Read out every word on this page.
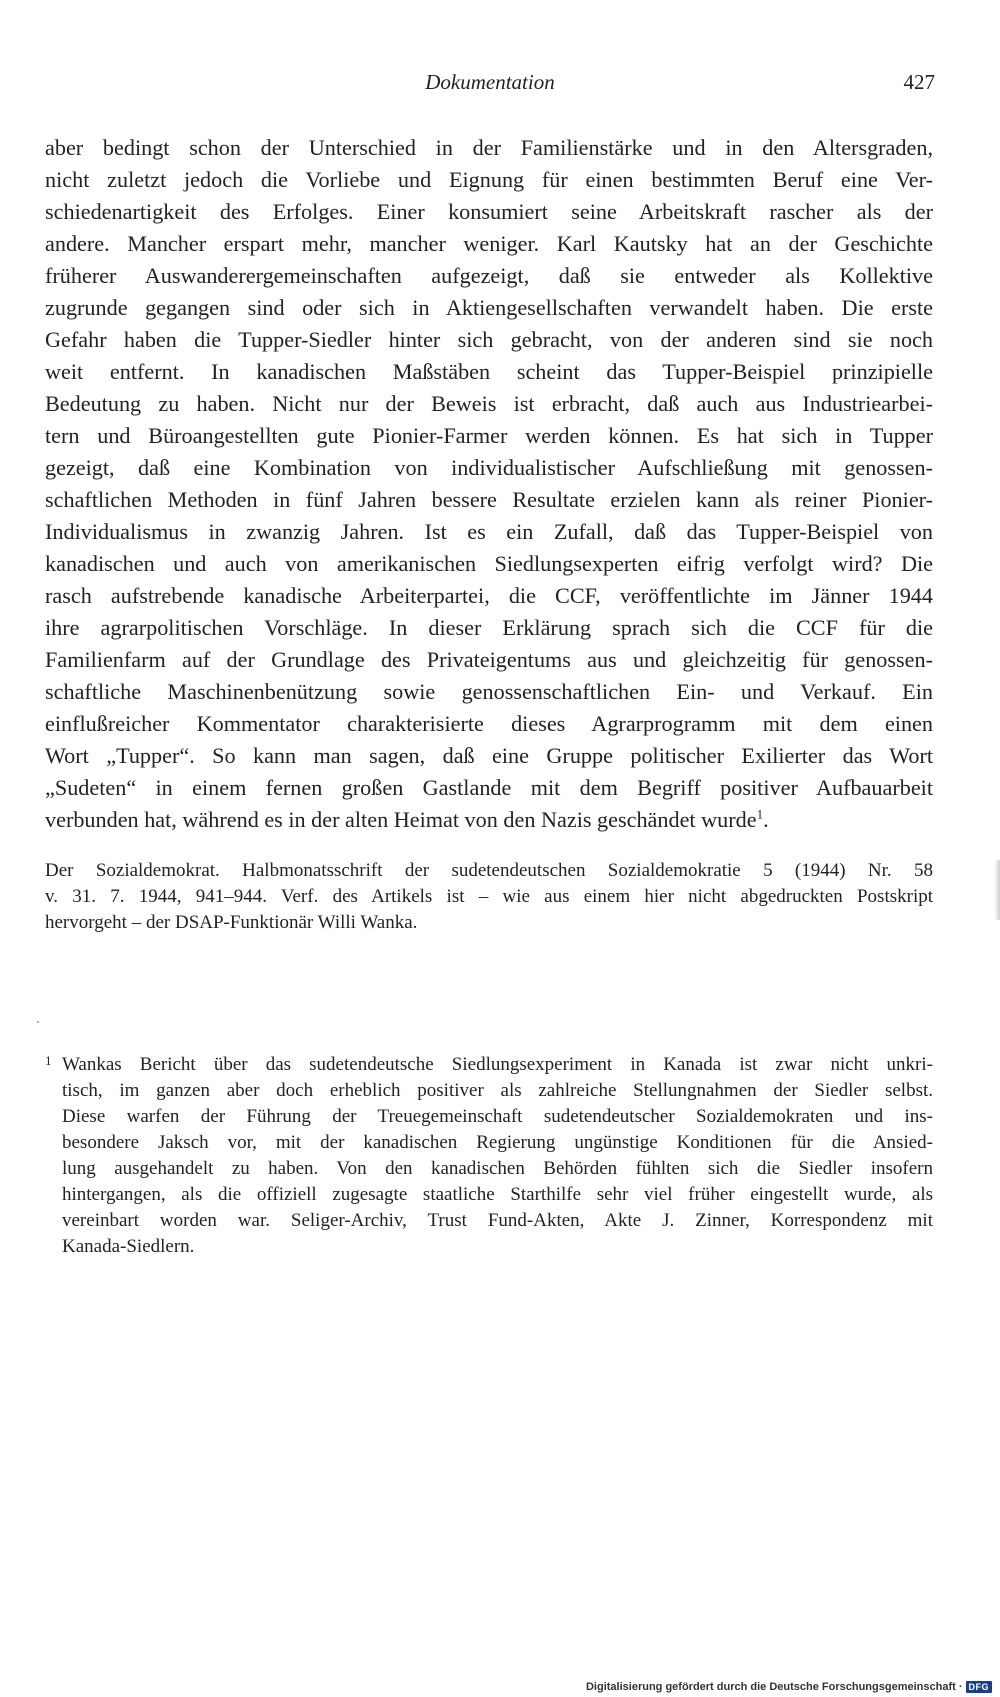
Dokumentation	427
aber bedingt schon der Unterschied in der Familienstärke und in den Altersgraden,
nicht zuletzt jedoch die Vorliebe und Eignung für einen bestimmten Beruf eine Ver-
schiedenartigkeit des Erfolges. Einer konsumiert seine Arbeitskraft rascher als der
andere. Mancher erspart mehr, mancher weniger. Karl Kautsky hat an der Geschichte
früherer Auswanderergemeinschaften aufgezeigt, daß sie entweder als Kollektive
zugrunde gegangen sind oder sich in Aktiengesellschaften verwandelt haben. Die erste
Gefahr haben die Tupper-Siedler hinter sich gebracht, von der anderen sind sie noch
weit entfernt. In kanadischen Maßstäben scheint das Tupper-Beispiel prinzipielle
Bedeutung zu haben. Nicht nur der Beweis ist erbracht, daß auch aus Industriearbei-
tern und Büroangestellten gute Pionier-Farmer werden können. Es hat sich in Tupper
gezeigt, daß eine Kombination von individualistischer Aufschließung mit genossen-
schaftlichen Methoden in fünf Jahren bessere Resultate erzielen kann als reiner Pionier-
Individualismus in zwanzig Jahren. Ist es ein Zufall, daß das Tupper-Beispiel von
kanadischen und auch von amerikanischen Siedlungsexperten eifrig verfolgt wird? Die
rasch aufstrebende kanadische Arbeiterpartei, die CCF, veröffentlichte im Jänner 1944
ihre agrarpolitischen Vorschläge. In dieser Erklärung sprach sich die CCF für die
Familienfarm auf der Grundlage des Privateigentums aus und gleichzeitig für genossen-
schaftliche Maschinenbenützung sowie genossenschaftlichen Ein- und Verkauf. Ein
einflußreicher Kommentator charakterisierte dieses Agrarprogramm mit dem einen
Wort „Tupper“. So kann man sagen, daß eine Gruppe politischer Exilierter das Wort
„Sudeten“ in einem fernen großen Gastlande mit dem Begriff positiver Aufbauarbeit
verbunden hat, während es in der alten Heimat von den Nazis geschändet wurde$^1$.
Der Sozialdemokrat. Halbmonatsschrift der sudetendeutschen Sozialdemokratie 5 (1944) Nr. 58
v. 31. 7. 1944, 941–944. Verf. des Artikels ist – wie aus einem hier nicht abgedruckten Postskript
hervorgeht – der DSAP-Funktionär Willi Wanka.
1 Wankas Bericht über das sudetendeutsche Siedlungsexperiment in Kanada ist zwar nicht unkri-
tisch, im ganzen aber doch erheblich positiver als zahlreiche Stellungnahmen der Siedler selbst.
Diese warfen der Führung der Treuegemeinschaft sudetendeutscher Sozialdemokraten und ins-
besondere Jaksch vor, mit der kanadischen Regierung ungünstige Konditionen für die Ansied-
lung ausgehandelt zu haben. Von den kanadischen Behörden fühlten sich die Siedler insofern
hintergangen, als die offiziell zugesagte staatliche Starthilfe sehr viel früher eingestellt wurde, als
vereinbart worden war. Seliger-Archiv, Trust Fund-Akten, Akte J. Zinner, Korrespondenz mit
Kanada-Siedlern.
Digitalisierung gefördert durch die Deutsche Forschungsgemeinschaft · DFG
